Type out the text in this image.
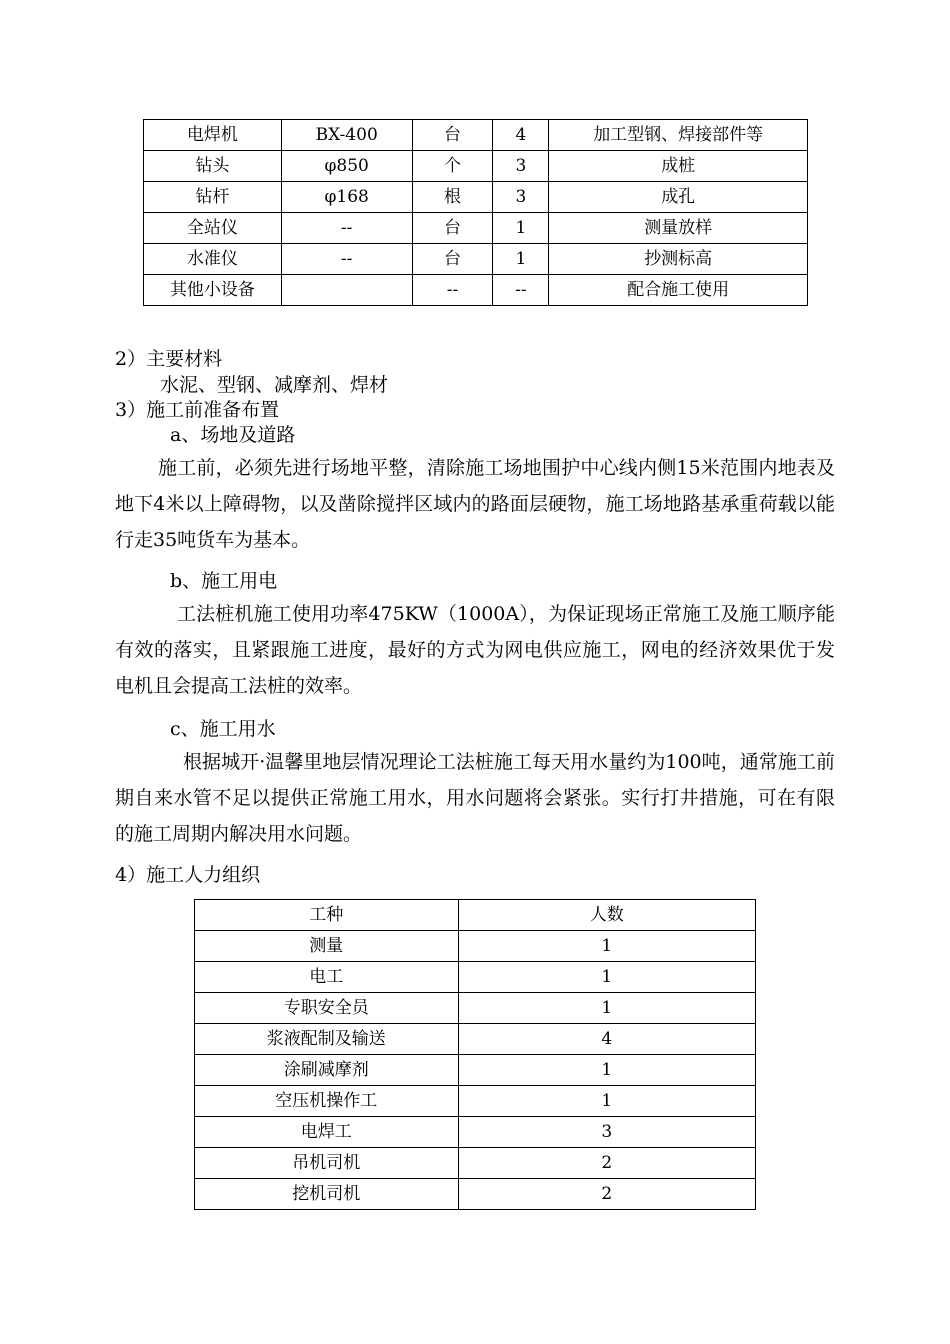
电焊机	BX-400	台	4	加工型钢、焊接部件等
钻头	φ850	个	3	成桩
钻杆	φ168	根	3	成孔
全站仪	--	台	1	测量放样
水准仪	--	台	1	抄测标高
其他小设备		--	--	配合施工使用
2）主要材料
水泥、型钢、减摩剂、焊材
3）施工前准备布置
a、场地及道路
施工前，必须先进行场地平整，清除施工场地围护中心线内侧15米范围内地表及地下4米以上障碍物，以及凿除搅拌区域内的路面层硬物，施工场地路基承重荷载以能行走35吨货车为基本。
b、施工用电
工法桩机施工使用功率475KW（1000A），为保证现场正常施工及施工顺序能有效的落实，且紧跟施工进度，最好的方式为网电供应施工，网电的经济效果优于发电机且会提高工法桩的效率。
c、施工用水
根据城开·温馨里地层情况理论工法桩施工每天用水量约为100吨，通常施工前期自来水管不足以提供正常施工用水，用水问题将会紧张。实行打井措施，可在有限的施工周期内解决用水问题。
4）施工人力组织
工种	人数
测量	1
电工	1
专职安全员	1
浆液配制及输送	4
涂刷减摩剂	1
空压机操作工	1
电焊工	3
吊机司机	2
挖机司机	2
